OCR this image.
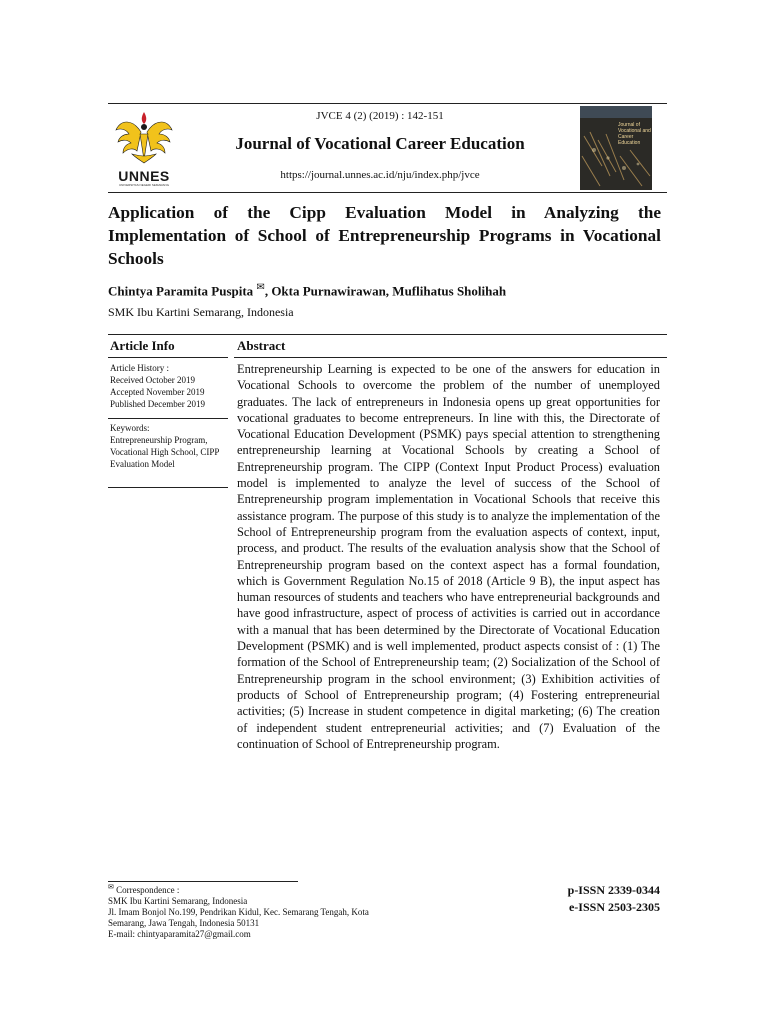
UNNES
UNIVERSITAS NEGERI SEMARANG
JVCE 4 (2) (2019) : 142-151
Journal of Vocational Career Education
https://journal.unnes.ac.id/nju/index.php/jvce
Journal of Vocational and Career Education
Application of the Cipp Evaluation Model in Analyzing the Implementation of School of Entrepreneurship Programs in Vocational Schools
Chintya Paramita Puspita ✉, Okta Purnawirawan, Muflihatus Sholihah
SMK Ibu Kartini Semarang, Indonesia
Article Info	Abstract
Article History :
Received October 2019
Accepted November 2019
Published December 2019
Keywords:
Entrepreneurship Program, Vocational High School, CIPP Evaluation Model
Entrepreneurship Learning is expected to be one of the answers for education in Vocational Schools to overcome the problem of the number of unemployed graduates. The lack of entrepreneurs in Indonesia opens up great opportunities for vocational graduates to become entrepreneurs. In line with this, the Directorate of Vocational Education Development (PSMK) pays special attention to strengthening entrepreneurship learning at Vocational Schools by creating a School of Entrepreneurship program. The CIPP (Context Input Product Process) evaluation model is implemented to analyze the level of success of the School of Entrepreneurship program implementation in Vocational Schools that receive this assistance program. The purpose of this study is to analyze the implementation of the School of Entrepreneurship program from the evaluation aspects of context, input, process, and product. The results of the evaluation analysis show that the School of Entrepreneurship program based on the context aspect has a formal foundation, which is Government Regulation No.15 of 2018 (Article 9 B), the input aspect has human resources of students and teachers who have entrepreneurial backgrounds and have good infrastructure, aspect of process of activities is carried out in accordance with a manual that has been determined by the Directorate of Vocational Education Development (PSMK) and is well implemented, product aspects consist of : (1) The formation of the School of Entrepreneurship team; (2) Socialization of the School of Entrepreneurship program in the school environment; (3) Exhibition activities of products of School of Entrepreneurship program; (4) Fostering entrepreneurial activities; (5) Increase in student competence in digital marketing; (6) The creation of independent student entrepreneurial activities; and (7) Evaluation of the continuation of School of Entrepreneurship program.
✉ Correspondence :
SMK Ibu Kartini Semarang, Indonesia
Jl. Imam Bonjol No.199, Pendrikan Kidul, Kec. Semarang Tengah, Kota
Semarang, Jawa Tengah, Indonesia 50131
E-mail: chintyaparamita27@gmail.com
p-ISSN 2339-0344
e-ISSN 2503-2305
